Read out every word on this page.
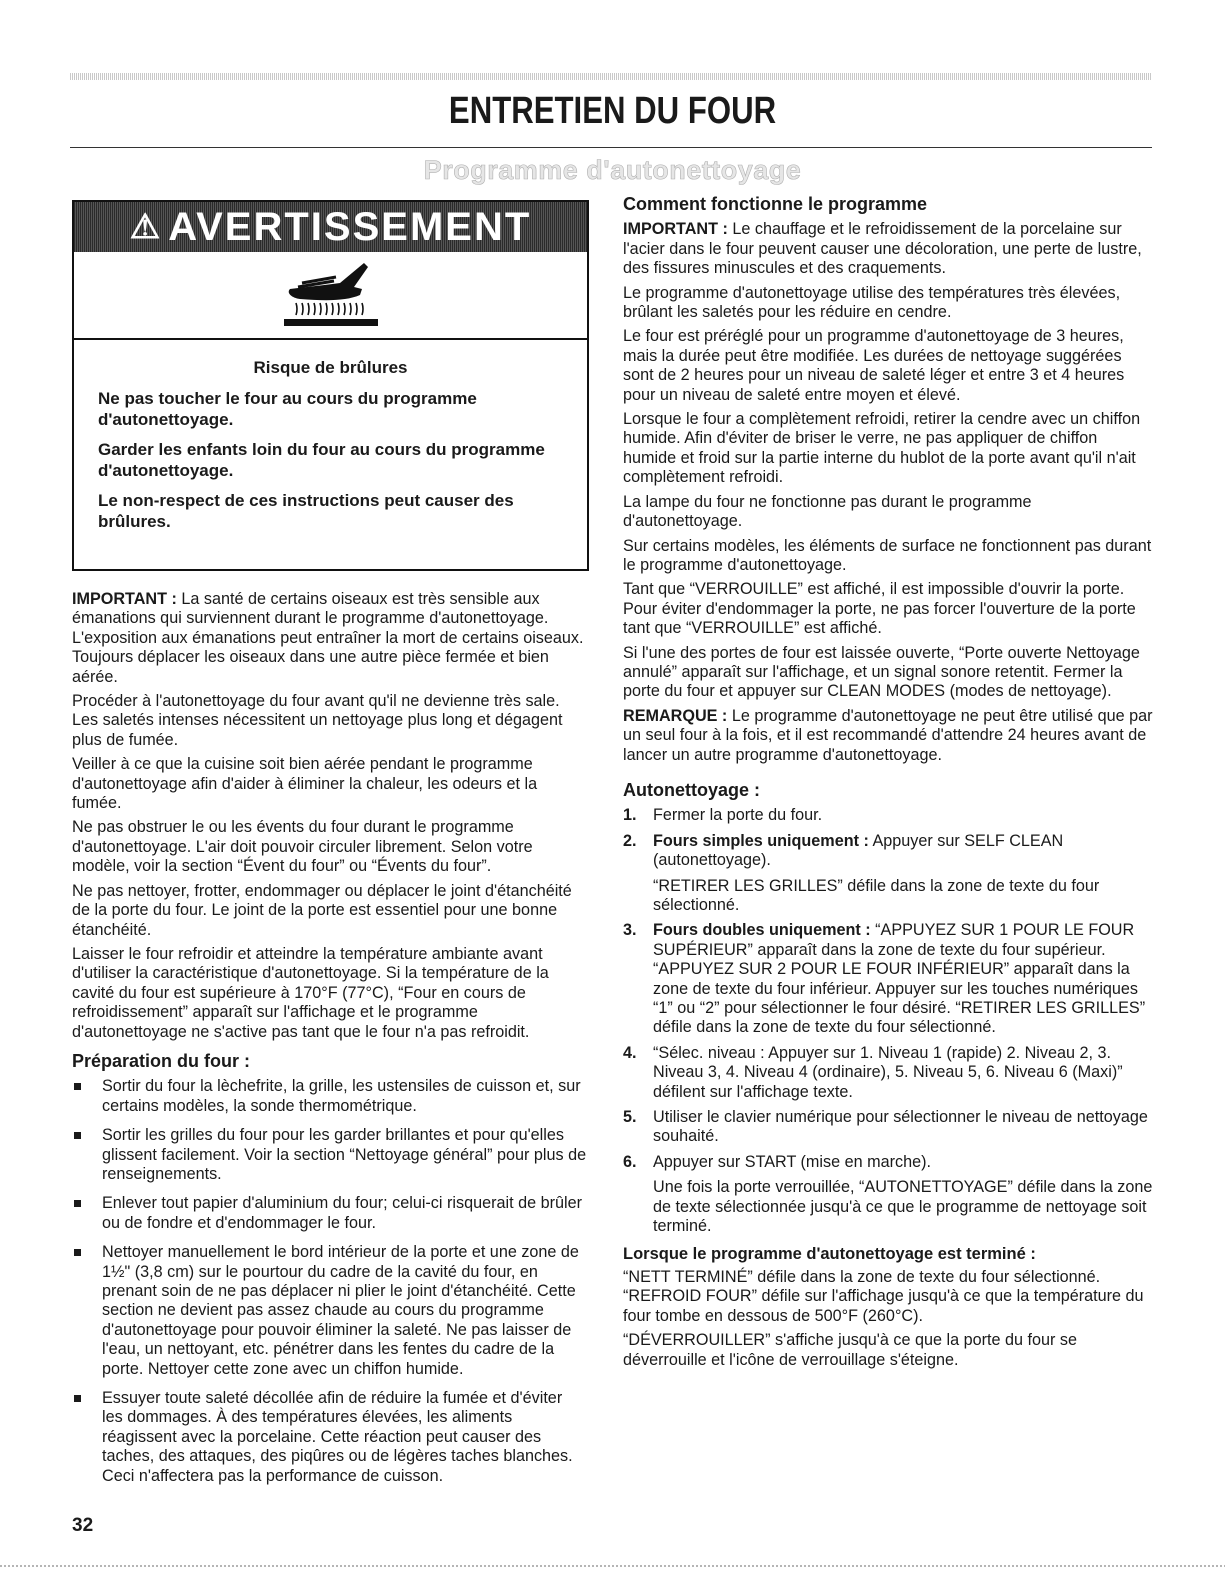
ENTRETIEN DU FOUR
Programme d'autonettoyage
⚠ AVERTISSEMENT
Risque de brûlures
Ne pas toucher le four au cours du programme d'autonettoyage.
Garder les enfants loin du four au cours du programme d'autonettoyage.
Le non-respect de ces instructions peut causer des brûlures.

IMPORTANT : La santé de certains oiseaux est très sensible aux émanations qui surviennent durant le programme d'autonettoyage. L'exposition aux émanations peut entraîner la mort de certains oiseaux. Toujours déplacer les oiseaux dans une autre pièce fermée et bien aérée.

Procéder à l'autonettoyage du four avant qu'il ne devienne très sale. Les saletés intenses nécessitent un nettoyage plus long et dégagent plus de fumée.

Veiller à ce que la cuisine soit bien aérée pendant le programme d'autonettoyage afin d'aider à éliminer la chaleur, les odeurs et la fumée.

Ne pas obstruer le ou les évents du four durant le programme d'autonettoyage. L'air doit pouvoir circuler librement. Selon votre modèle, voir la section “Évent du four” ou “Évents du four”.

Ne pas nettoyer, frotter, endommager ou déplacer le joint d'étanchéité de la porte du four. Le joint de la porte est essentiel pour une bonne étanchéité.

Laisser le four refroidir et atteindre la température ambiante avant d'utiliser la caractéristique d'autonettoyage. Si la température de la cavité du four est supérieure à 170°F (77°C), “Four en cours de refroidissement” apparaît sur l'affichage et le programme d'autonettoyage ne s'active pas tant que le four n'a pas refroidit.

Préparation du four :
Sortir du four la lèchefrite, la grille, les ustensiles de cuisson et, sur certains modèles, la sonde thermométrique.
Sortir les grilles du four pour les garder brillantes et pour qu'elles glissent facilement. Voir la section “Nettoyage général” pour plus de renseignements.
Enlever tout papier d'aluminium du four; celui-ci risquerait de brûler ou de fondre et d'endommager le four.
Nettoyer manuellement le bord intérieur de la porte et une zone de 1½" (3,8 cm) sur le pourtour du cadre de la cavité du four, en prenant soin de ne pas déplacer ni plier le joint d'étanchéité. Cette section ne devient pas assez chaude au cours du programme d'autonettoyage pour pouvoir éliminer la saleté. Ne pas laisser de l'eau, un nettoyant, etc. pénétrer dans les fentes du cadre de la porte. Nettoyer cette zone avec un chiffon humide.
Essuyer toute saleté décollée afin de réduire la fumée et d'éviter les dommages. À des températures élevées, les aliments réagissent avec la porcelaine. Cette réaction peut causer des taches, des attaques, des piqûres ou de légères taches blanches. Ceci n'affectera pas la performance de cuisson.
Comment fonctionne le programme

IMPORTANT : Le chauffage et le refroidissement de la porcelaine sur l'acier dans le four peuvent causer une décoloration, une perte de lustre, des fissures minuscules et des craquements.

Le programme d'autonettoyage utilise des températures très élevées, brûlant les saletés pour les réduire en cendre.

Le four est préréglé pour un programme d'autonettoyage de 3 heures, mais la durée peut être modifiée. Les durées de nettoyage suggérées sont de 2 heures pour un niveau de saleté léger et entre 3 et 4 heures pour un niveau de saleté entre moyen et élevé.

Lorsque le four a complètement refroidi, retirer la cendre avec un chiffon humide. Afin d'éviter de briser le verre, ne pas appliquer de chiffon humide et froid sur la partie interne du hublot de la porte avant qu'il n'ait complètement refroidi.

La lampe du four ne fonctionne pas durant le programme d'autonettoyage.

Sur certains modèles, les éléments de surface ne fonctionnent pas durant le programme d'autonettoyage.

Tant que “VERROUILLE” est affiché, il est impossible d'ouvrir la porte. Pour éviter d'endommager la porte, ne pas forcer l'ouverture de la porte tant que “VERROUILLE” est affiché.

Si l'une des portes de four est laissée ouverte, “Porte ouverte Nettoyage annulé” apparaît sur l'affichage, et un signal sonore retentit. Fermer la porte du four et appuyer sur CLEAN MODES (modes de nettoyage).

REMARQUE : Le programme d'autonettoyage ne peut être utilisé que par un seul four à la fois, et il est recommandé d'attendre 24 heures avant de lancer un autre programme d'autonettoyage.

Autonettoyage :
1. Fermer la porte du four.
2. Fours simples uniquement : Appuyer sur SELF CLEAN (autonettoyage).
“RETIRER LES GRILLES” défile dans la zone de texte du four sélectionné.
3. Fours doubles uniquement : “APPUYEZ SUR 1 POUR LE FOUR SUPÉRIEUR” apparaît dans la zone de texte du four supérieur. “APPUYEZ SUR 2 POUR LE FOUR INFÉRIEUR” apparaît dans la zone de texte du four inférieur. Appuyer sur les touches numériques “1” ou “2” pour sélectionner le four désiré. “RETIRER LES GRILLES” défile dans la zone de texte du four sélectionné.
4. “Sélec. niveau : Appuyer sur 1. Niveau 1 (rapide) 2. Niveau 2, 3. Niveau 3, 4. Niveau 4 (ordinaire), 5. Niveau 5, 6. Niveau 6 (Maxi)” défilent sur l'affichage texte.
5. Utiliser le clavier numérique pour sélectionner le niveau de nettoyage souhaité.
6. Appuyer sur START (mise en marche).
Une fois la porte verrouillée, “AUTONETTOYAGE” défile dans la zone de texte sélectionnée jusqu'à ce que le programme de nettoyage soit terminé.
Lorsque le programme d'autonettoyage est terminé :

“NETT TERMINÉ” défile dans la zone de texte du four sélectionné. “REFROID FOUR” défile sur l'affichage jusqu'à ce que la température du four tombe en dessous de 500°F (260°C).

“DÉVERROUILLER” s'affiche jusqu'à ce que la porte du four se déverrouille et l'icône de verrouillage s'éteigne.

32
